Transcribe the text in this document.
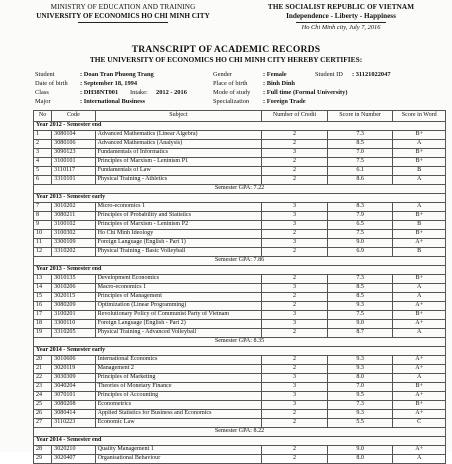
MINISTRY OF EDUCATION AND TRAINING
UNIVERSITY OF ECONOMICS HO CHI MINH CITY
THE SOCIALIST REPUBLIC OF VIETNAM
Independence - Liberty - Happiness
Ho Chi Minh city, July 7, 2016
TRANSCRIPT OF ACADEMIC RECORDS
THE UNIVERSITY OF ECONOMICS HO CHI MINH CITY HEREBY CERTIFIES:
Student	: Doan Tran Phuong Trang	Gender	: Female	Student ID : 31121022047
Date of birth : September 18, 1994	Place of birth : Binh Dinh
Class	: DH38NT001 Intake: 2012 - 2016	Mode of study : Full time (Formal University)
Major	: International Business	Specialization : Foreign Trade
No	Code	Subject	Number of Credit	Score in Number	Score in Word
Year 2012 - Semester end					
1	3080104	Advanced Mathematics (Linear Algebra)	2	7.3	B+
2	3080106	Advanced Mathematics (Analysis)	2	8.5	A
3	3090123	Fundamentals of Informatics	3	7.0	B+
4	3100101	Principles of Marxism - Leninism P1	2	7.5	B+
5	3110117	Fundamentals of Law	2	6.1	B
6	3310101	Physical Training - Athletics	2	8.6	A
Semester GPA: 7.22					
Year 2013 - Semester early					
7	3010202	Micro-economics 1	3	8.3	A
8	3080211	Principles of Probability and Statistics	3	7.9	B+
9	3100102	Principles of Marxism - Leninism P2	3	6.5	B
10	3100302	Ho Chi Minh Ideology	2	7.5	B+
11	3300109	Foreign Language (English - Part 1)	3	9.0	A+
12	3310202	Physical Training - Basic Volleyball	2	6.9	B
Semester GPA: 7.86					
Year 2013 - Semester end					
13	3010135	Development Economics	2	7.3	B+
14	3010206	Macro-economics 1	3	8.5	A
15	3020115	Principles of Management	2	8.5	A
16	3080209	Optimization (Linear Programming)	2	9.3	A+
17	3100201	Revolutionary Policy of Communist Party of Vietnam	3	7.5	B+
18	3300110	Foreign Language (English - Part 2)	3	9.0	A+
19	3310205	Physical Training - Advanced Volleyball	2	8.7	A
Semester GPA: 8.35					
Year 2014 - Semester early					
20	3010606	International Economics	2	9.3	A+
21	3020119	Management 2	2	9.3	A+
22	3030309	Principles of Marketing	3	8.0	A
23	3040204	Theories of Monetary Finance	3	7.0	B+
24	3070101	Principles of Accounting	3	9.5	A+
25	3080208	Econometrics	3	7.3	B+
26	3080414	Applied Statistics for Business and Economics	2	9.3	A+
27	3110223	Economic Law	2	5.5	C
Semester GPA: 8.22					
Year 2014 - Semester end					
28	3020210	Quality Management 1	2	9.0	A+
29	3020407	Organisational Behaviour	2	8.0	A
